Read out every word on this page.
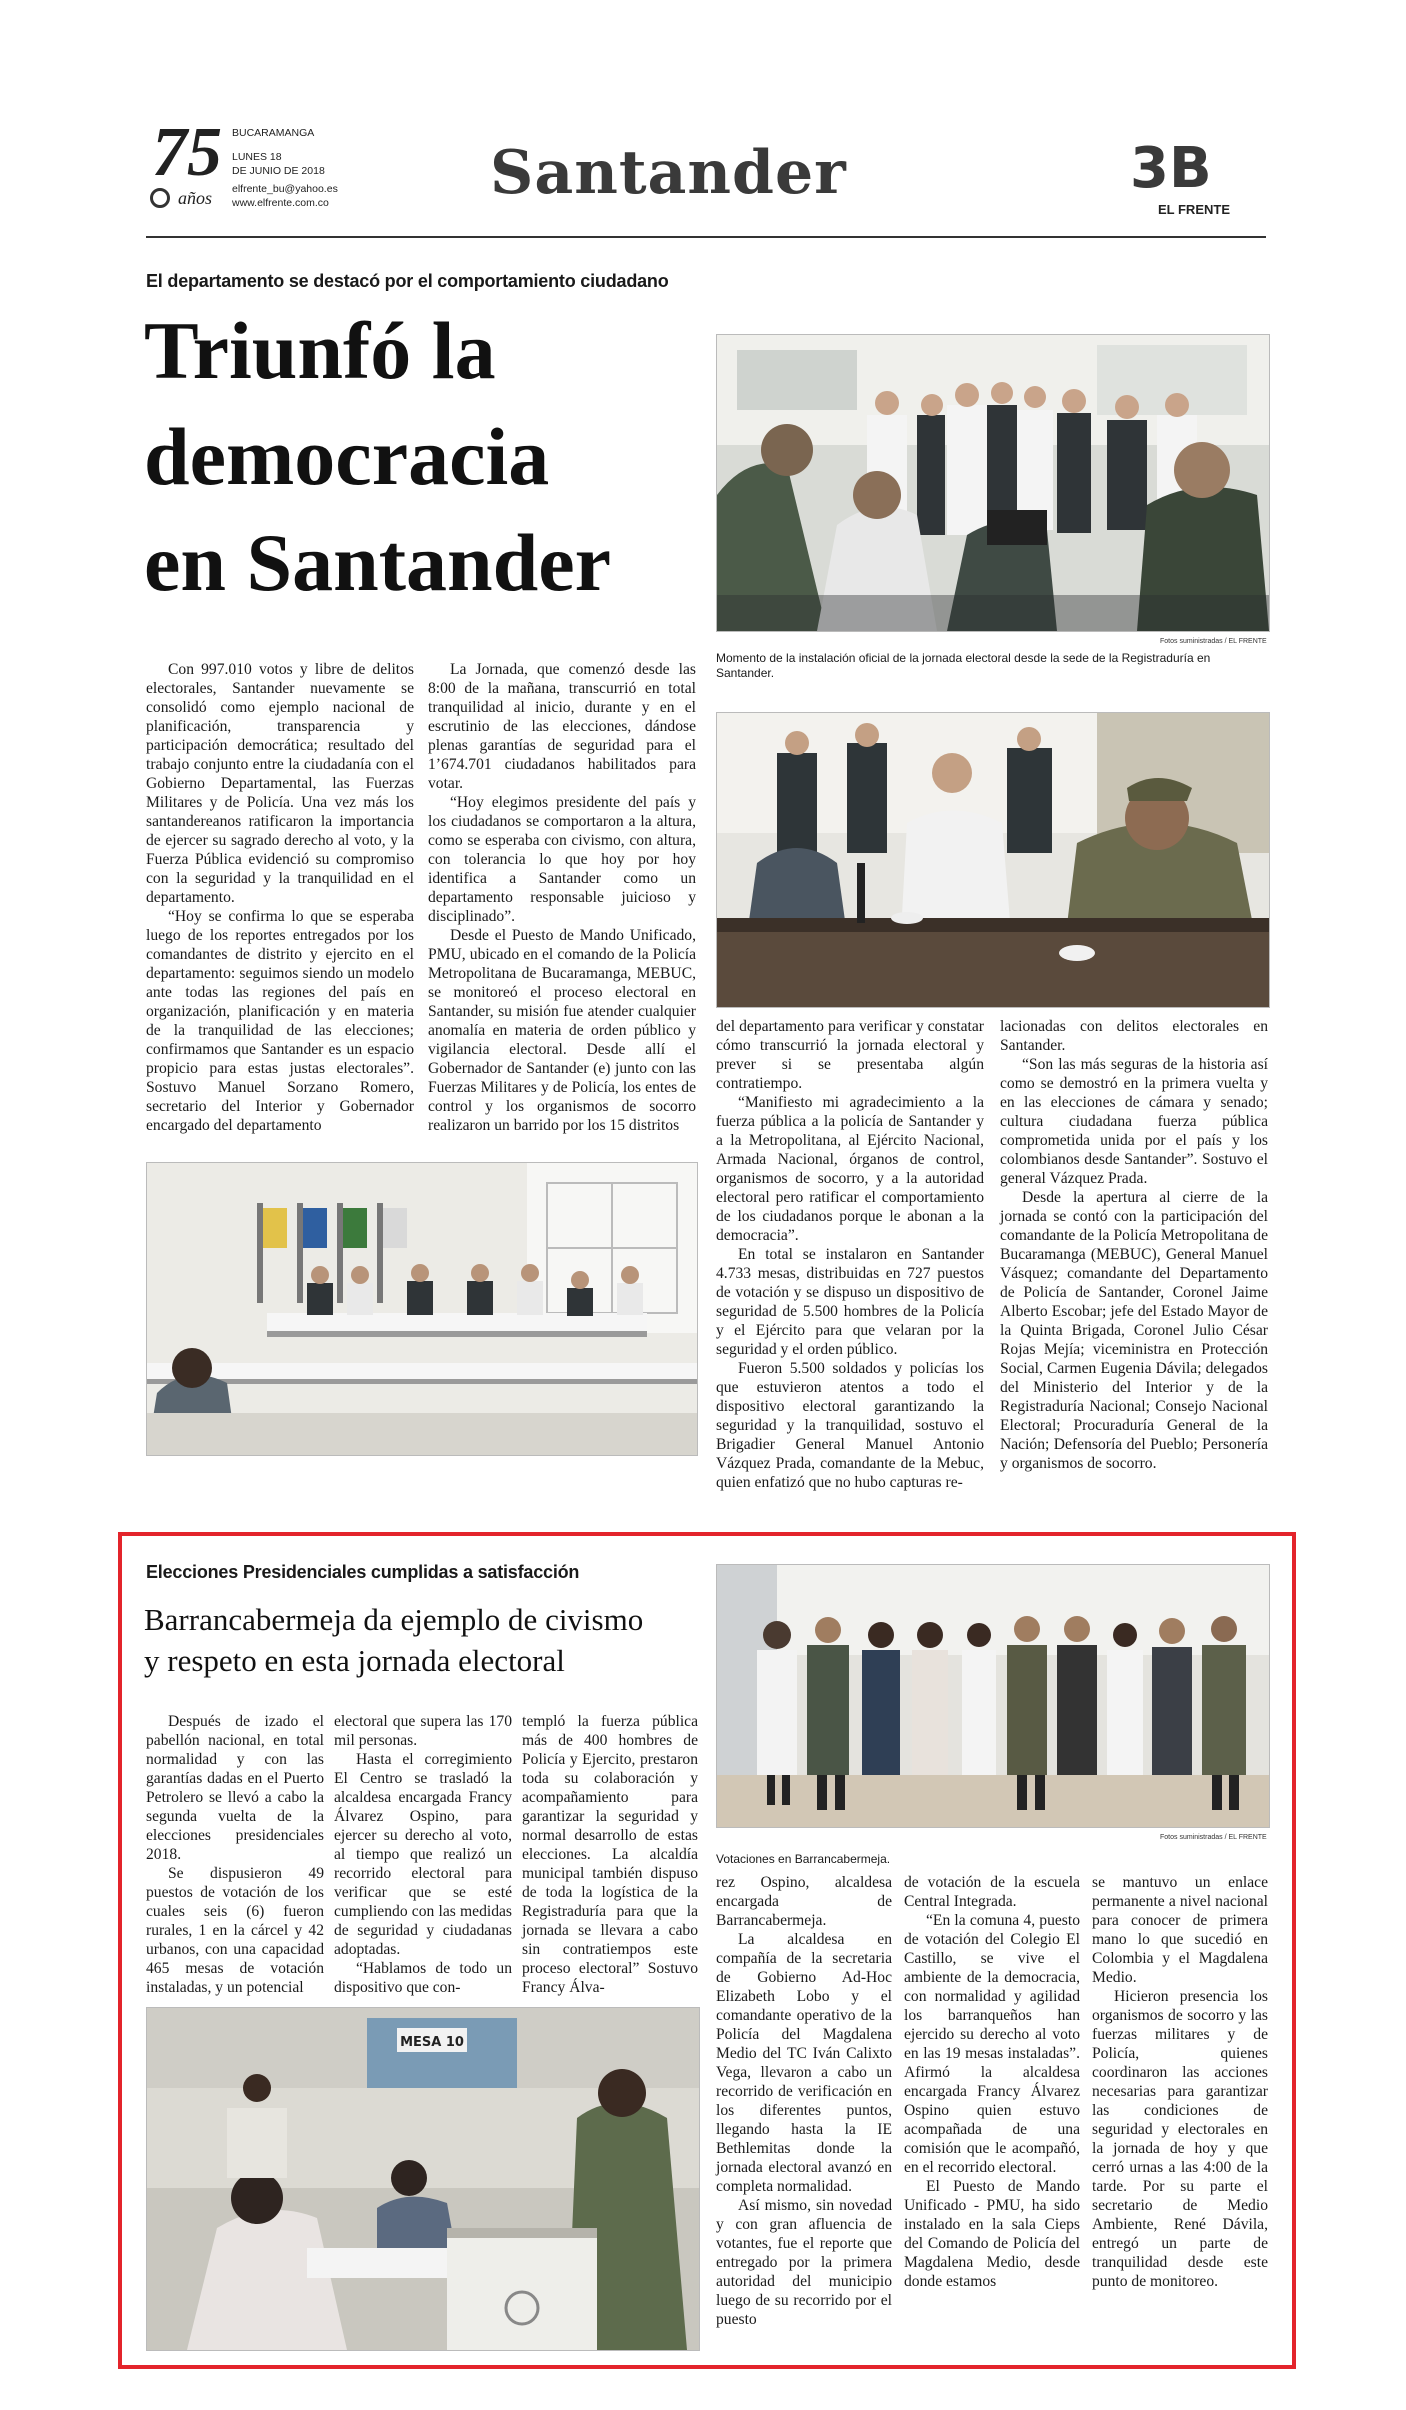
75
años
BUCARAMANGA
LUNES 18
DE JUNIO DE 2018
elfrente_bu@yahoo.es
www.elfrente.com.co	Santander	3B
EL FRENTE
El departamento se destacó por el comportamiento ciudadano
Triunfó la
democracia
en Santander
Fotos suministradas / EL FRENTE
Momento de la instalación oficial de la jornada electoral desde la sede de la Registraduría en Santander.

Con 997.010 votos y libre de delitos electorales, Santander nuevamente se consolidó como ejemplo nacional de planificación, transparencia y participación democrática; resultado del trabajo conjunto entre la ciudadanía con el Gobierno Departamental, las Fuerzas Militares y de Policía. Una vez más los santandereanos ratificaron la importancia de ejercer su sagrado derecho al voto, y la Fuerza Pública evidenció su compromiso con la seguridad y la tranquilidad en el departamento.

“Hoy se confirma lo que se esperaba luego de los reportes entregados por los comandantes de distrito y ejercito en el departamento: seguimos siendo un modelo ante todas las regiones del país en organización, planificación y en materia de la tranquilidad de las elecciones; confirmamos que Santander es un espacio propicio para estas justas electorales”. Sostuvo Manuel Sorzano Romero, secretario del Interior y Gobernador encargado del departamento

La Jornada, que comenzó desde las 8:00 de la mañana, transcurrió en total tranquilidad al inicio, durante y en el escrutinio de las elecciones, dándose plenas garantías de seguridad para el 1’674.701 ciudadanos habilitados para votar.

“Hoy elegimos presidente del país y los ciudadanos se comportaron a la altura, como se esperaba con civismo, con altura, con tolerancia lo que hoy por hoy identifica a Santander como un departamento responsable juicioso y disciplinado”.

Desde el Puesto de Mando Unificado, PMU, ubicado en el comando de la Policía Metropolitana de Bucaramanga, MEBUC, se monitoreó el proceso electoral en Santander, su misión fue atender cualquier anomalía en materia de orden público y vigilancia electoral. Desde allí el Gobernador de Santander (e) junto con las Fuerzas Militares y de Policía, los entes de control y los organismos de socorro realizaron un barrido por los 15 distritos

del departamento para verificar y constatar cómo transcurrió la jornada electoral y prever si se presentaba algún contratiempo.

“Manifiesto mi agradecimiento a la fuerza pública a la policía de Santander y a la Metropolitana, al Ejército Nacional, Armada Nacional, órganos de control, organismos de socorro, y a la autoridad electoral pero ratificar el comportamiento de los ciudadanos porque le abonan a la democracia”.

En total se instalaron en Santander 4.733 mesas, distribuidas en 727 puestos de votación y se dispuso un dispositivo de seguridad de 5.500 hombres de la Policía y el Ejército para que velaran por la seguridad y el orden público.

Fueron 5.500 soldados y policías los que estuvieron atentos a todo el dispositivo electoral garantizando la seguridad y la tranquilidad, sostuvo el Brigadier General Manuel Antonio Vázquez Prada, comandante de la Mebuc, quien enfatizó que no hubo capturas re-

lacionadas con delitos electorales en Santander.

“Son las más seguras de la historia así como se demostró en la primera vuelta y en las elecciones de cámara y senado; cultura ciudadana fuerza pública comprometida unida por el país y los colombianos desde Santander”. Sostuvo el general Vázquez Prada.

Desde la apertura al cierre de la jornada se contó con la participación del comandante de la Policía Metropolitana de Bucaramanga (MEBUC), General Manuel Vásquez; comandante del Departamento de Policía de Santander, Coronel Jaime Alberto Escobar; jefe del Estado Mayor de la Quinta Brigada, Coronel Julio César Rojas Mejía; viceministra en Protección Social, Carmen Eugenia Dávila; delegados del Ministerio del Interior y de la Registraduría Nacional; Consejo Nacional Electoral; Procuraduría General de la Nación; Defensoría del Pueblo; Personería y organismos de socorro.

Elecciones Presidenciales cumplidas a satisfacción
Barrancabermeja da ejemplo de civismo
y respeto en esta jornada electoral
Fotos suministradas / EL FRENTE
Votaciones en Barrancabermeja.

Después de izado el pabellón nacional, en total normalidad y con las garantías dadas en el Puerto Petrolero se llevó a cabo la segunda vuelta de la elecciones presidenciales 2018.

Se dispusieron 49 puestos de votación de los cuales seis (6) fueron rurales, 1 en la cárcel y 42 urbanos, con una capacidad 465 mesas de votación instaladas, y un potencial

electoral que supera las 170 mil personas.

Hasta el corregimiento El Centro se trasladó la alcaldesa encargada Francy Álvarez Ospino, para ejercer su derecho al voto, al tiempo que realizó un recorrido electoral para verificar que se esté cumpliendo con las medidas de seguridad y ciudadanas adoptadas.

“Hablamos de todo un dispositivo que con-

templó la fuerza pública más de 400 hombres de Policía y Ejercito, prestaron toda su colaboración y acompañamiento para garantizar la seguridad y normal desarrollo de estas elecciones. La alcaldía municipal también dispuso de toda la logística de la Registraduría para que la jornada se llevara a cabo sin contratiempos este proceso electoral” Sostuvo Francy Álva-

MESA 10

rez Ospino, alcaldesa encargada de Barrancabermeja.

La alcaldesa en compañía de la secretaria de Gobierno Ad-Hoc Elizabeth Lobo y el comandante operativo de la Policía del Magdalena Medio del TC Iván Calixto Vega, llevaron a cabo un recorrido de verificación en los diferentes puntos, llegando hasta la IE Bethlemitas donde la jornada electoral avanzó en completa normalidad.

Así mismo, sin novedad y con gran afluencia de votantes, fue el reporte que entregado por la primera autoridad del municipio luego de su recorrido por el puesto

de votación de la escuela Central Integrada.

“En la comuna 4, puesto de votación del Colegio El Castillo, se vive el ambiente de la democracia, con normalidad y agilidad los barranqueños han ejercido su derecho al voto en las 19 mesas instaladas”. Afirmó la alcaldesa encargada Francy Álvarez Ospino quien estuvo acompañada de una comisión que le acompañó, en el recorrido electoral.

El Puesto de Mando Unificado - PMU, ha sido instalado en la sala Cieps del Comando de Policía del Magdalena Medio, desde donde estamos

se mantuvo un enlace permanente a nivel nacional para conocer de primera mano lo que sucedió en Colombia y el Magdalena Medio.

Hicieron presencia los organismos de socorro y las fuerzas militares y de Policía, quienes coordinaron las acciones necesarias para garantizar las condiciones de seguridad y electorales en la jornada de hoy y que cerró urnas a las 4:00 de la tarde. Por su parte el secretario de Medio Ambiente, René Dávila, entregó un parte de tranquilidad desde este punto de monitoreo.
